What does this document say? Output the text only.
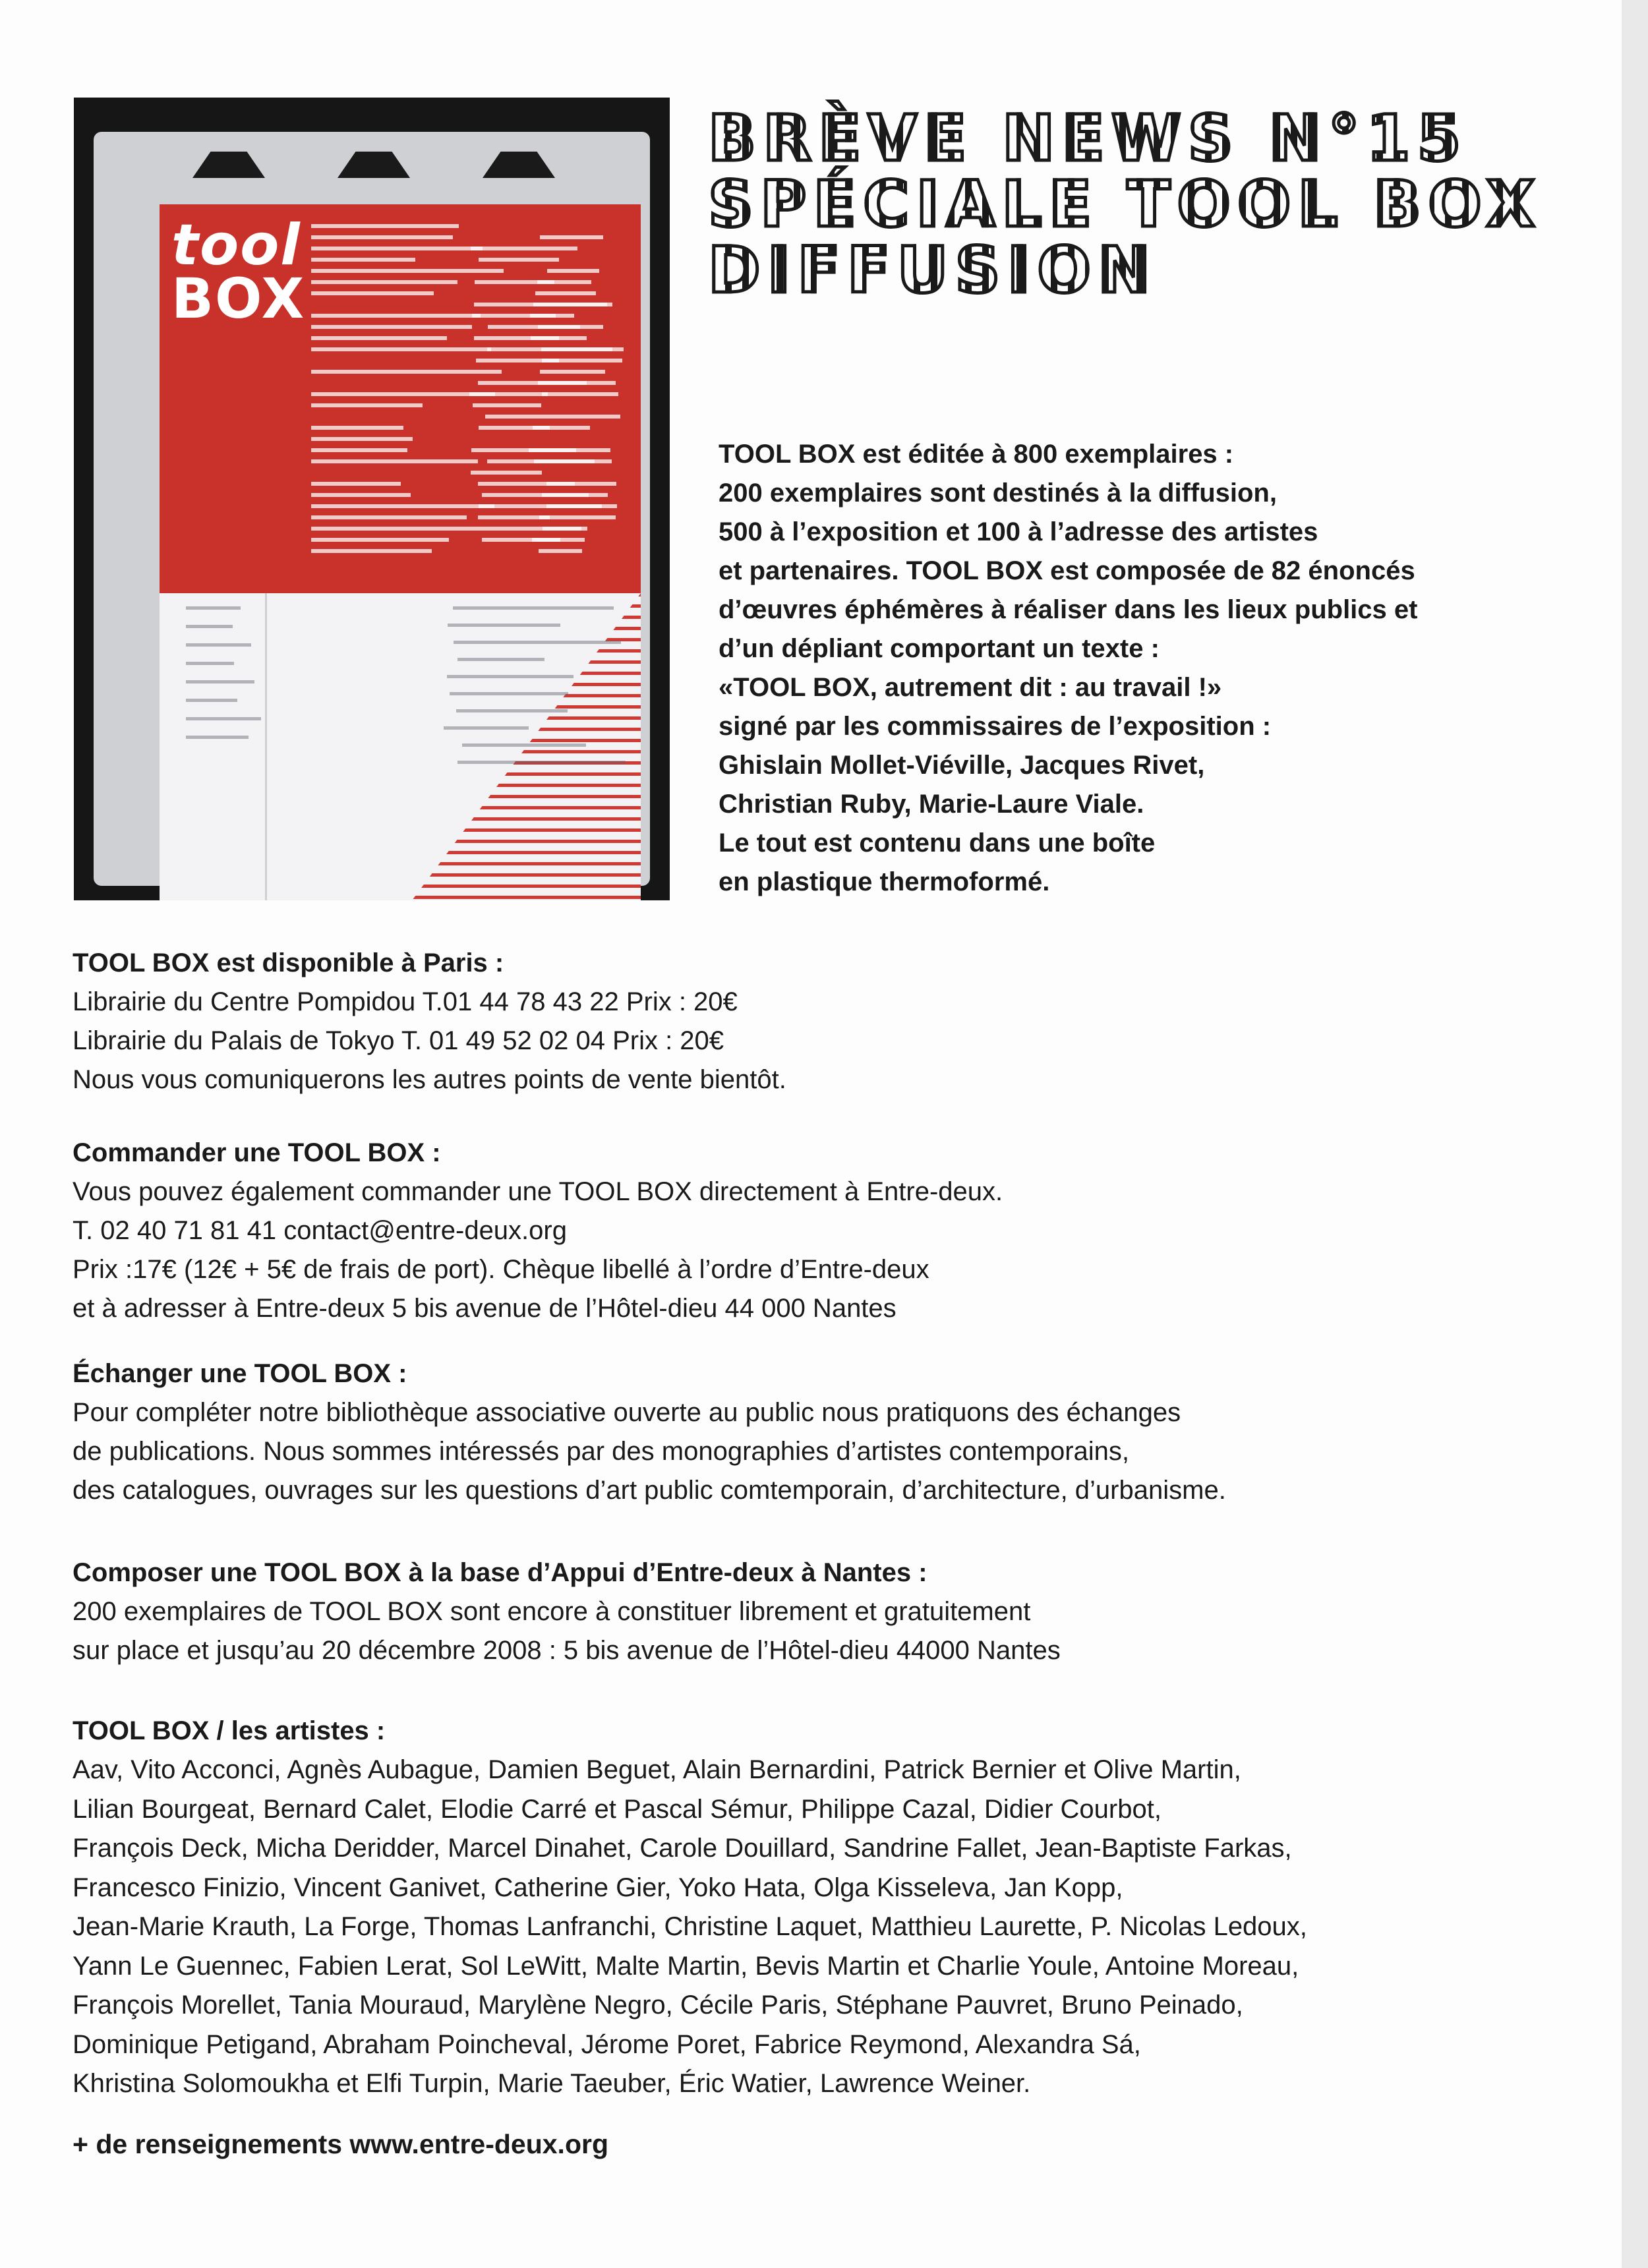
tool
BOX
BRÈVE NEWS N°15
SPÉCIALE TOOL BOX
DIFFUSION
TOOL BOX est éditée à 800 exemplaires :
200 exemplaires sont destinés à la diffusion,
500 à l’exposition et 100 à l’adresse des artistes
et partenaires. TOOL BOX est composée de 82 énoncés
d’œuvres éphémères à réaliser dans les lieux publics et
d’un dépliant comportant un texte :
«TOOL BOX, autrement dit : au travail !»
signé par les commissaires de l’exposition :
Ghislain Mollet-Viéville, Jacques Rivet,
Christian Ruby, Marie-Laure Viale.
Le tout est contenu dans une boîte
en plastique thermoformé.
TOOL BOX est disponible à Paris :
Librairie du Centre Pompidou T.01 44 78 43 22 Prix : 20€
Librairie du Palais de Tokyo T. 01 49 52 02 04 Prix : 20€
Nous vous comuniquerons les autres points de vente bientôt.
Commander une TOOL BOX :
Vous pouvez également commander une TOOL BOX directement à Entre-deux.
T. 02 40 71 81 41 contact@entre-deux.org
Prix :17€ (12€ + 5€ de frais de port). Chèque libellé à l’ordre d’Entre-deux
et à adresser à Entre-deux 5 bis avenue de l’Hôtel-dieu 44 000 Nantes
Échanger une TOOL BOX :
Pour compléter notre bibliothèque associative ouverte au public nous pratiquons des échanges
de publications. Nous sommes intéressés par des monographies d’artistes contemporains,
des catalogues, ouvrages sur les questions d’art public comtemporain, d’architecture, d’urbanisme.
Composer une TOOL BOX à la base d’Appui d’Entre-deux à Nantes :
200 exemplaires de TOOL BOX sont encore à constituer librement et gratuitement
sur place et jusqu’au 20 décembre 2008 : 5 bis avenue de l’Hôtel-dieu 44000 Nantes
TOOL BOX / les artistes :
Aav, Vito Acconci, Agnès Aubague, Damien Beguet, Alain Bernardini, Patrick Bernier et Olive Martin,
Lilian Bourgeat, Bernard Calet, Elodie Carré et Pascal Sémur, Philippe Cazal, Didier Courbot,
François Deck, Micha Deridder, Marcel Dinahet, Carole Douillard, Sandrine Fallet, Jean-Baptiste Farkas,
Francesco Finizio, Vincent Ganivet, Catherine Gier, Yoko Hata, Olga Kisseleva, Jan Kopp,
Jean-Marie Krauth, La Forge, Thomas Lanfranchi, Christine Laquet, Matthieu Laurette, P. Nicolas Ledoux,
Yann Le Guennec, Fabien Lerat, Sol LeWitt, Malte Martin, Bevis Martin et Charlie Youle, Antoine Moreau,
François Morellet, Tania Mouraud, Marylène Negro, Cécile Paris, Stéphane Pauvret, Bruno Peinado,
Dominique Petigand, Abraham Poincheval, Jérome Poret, Fabrice Reymond, Alexandra Sá,
Khristina Solomoukha et Elfi Turpin, Marie Taeuber, Éric Watier, Lawrence Weiner.
+ de renseignements www.entre-deux.org
